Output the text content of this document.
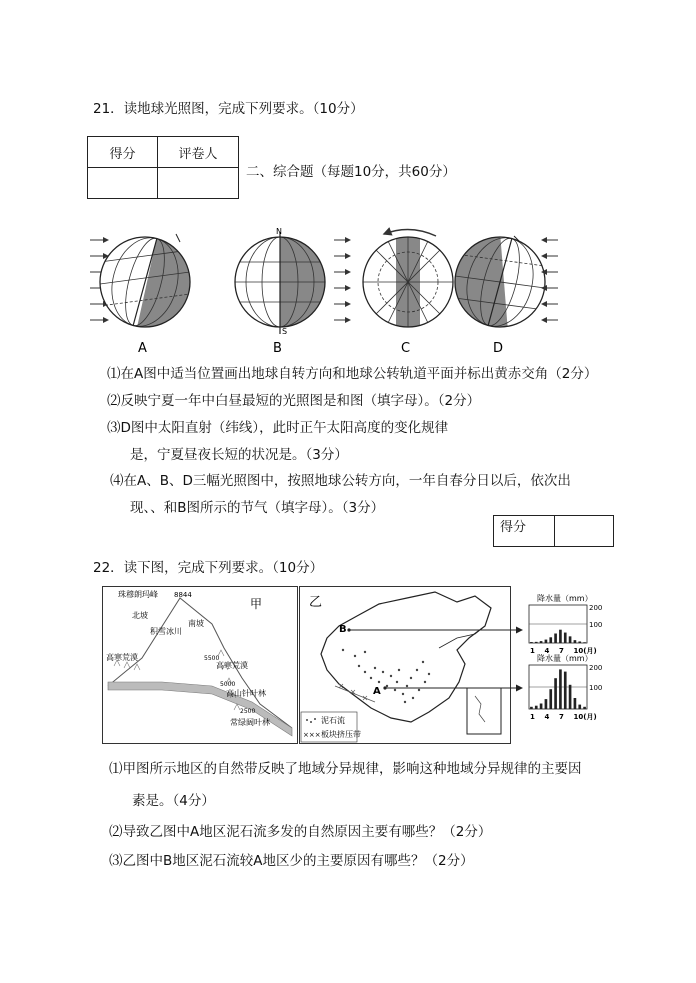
21．读地球光照图，完成下列要求。（10分）
得分	评卷人

二、综合题（每题10分，共60分）
A
N
S
B	C	D
⑴在A图中适当位置画出地球自转方向和地球公转轨道平面并标出黄赤交角（2分）
⑵反映宁夏一年中白昼最短的光照图是和图（填字母）。（2分）
⑶D图中太阳直射（纬线），此时正午太阳高度的变化规律
是，宁夏昼夜长短的状况是。（3分）
⑷在A、B、D三幅光照图中，按照地球公转方向，一年自春分日以后，依次出
现、、和B图所示的节气（填字母）。（3分）
得分	
22．读下图，完成下列要求。（10分）
珠穆朗玛峰 8844
甲
北坡
南坡
积雪冰川
高寒荒漠	5500
高寒荒漠
5000
高山针叶林
2500
常绿阔叶林
乙
B
A
泥石流
××× 板块挤压带
降水量（mm）
200
100
1 4 7 10(月)
降水量（mm）
200
100
1 4 7 10(月)
⑴甲图所示地区的自然带反映了地域分异规律，影响这种地域分异规律的主要因
素是。（4分）
⑵导致乙图中A地区泥石流多发的自然原因主要有哪些？（2分）
⑶乙图中B地区泥石流较A地区少的主要原因有哪些？（2分）
